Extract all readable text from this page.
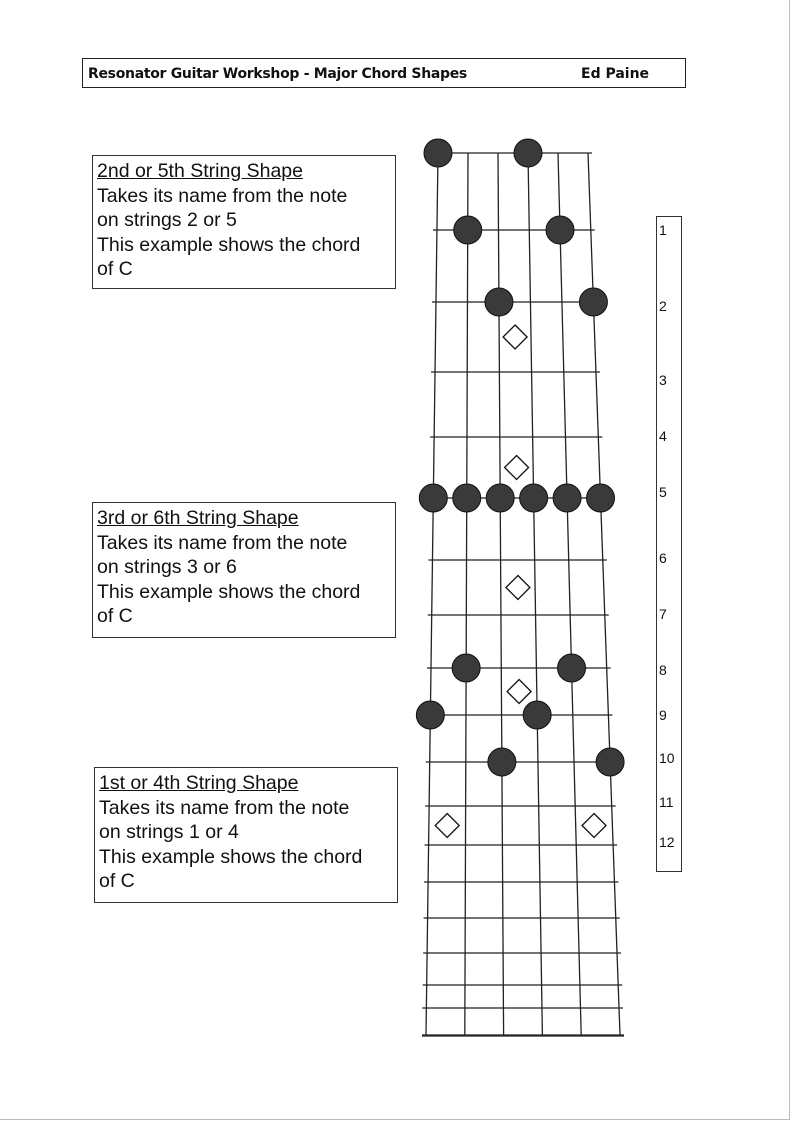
Resonator Guitar Workshop - Major Chord Shapes	Ed Paine
2nd or 5th String Shape
Takes its name from the note
on strings 2 or 5
This example shows the chord
of C
3rd or 6th String Shape
Takes its name from the note
on strings 3 or 6
This example shows the chord
of C
1st or 4th String Shape
Takes its name from the note
on strings 1 or 4
This example shows the chord
of C
1
2
3
4
5
6
7
8
9
10
11
12
